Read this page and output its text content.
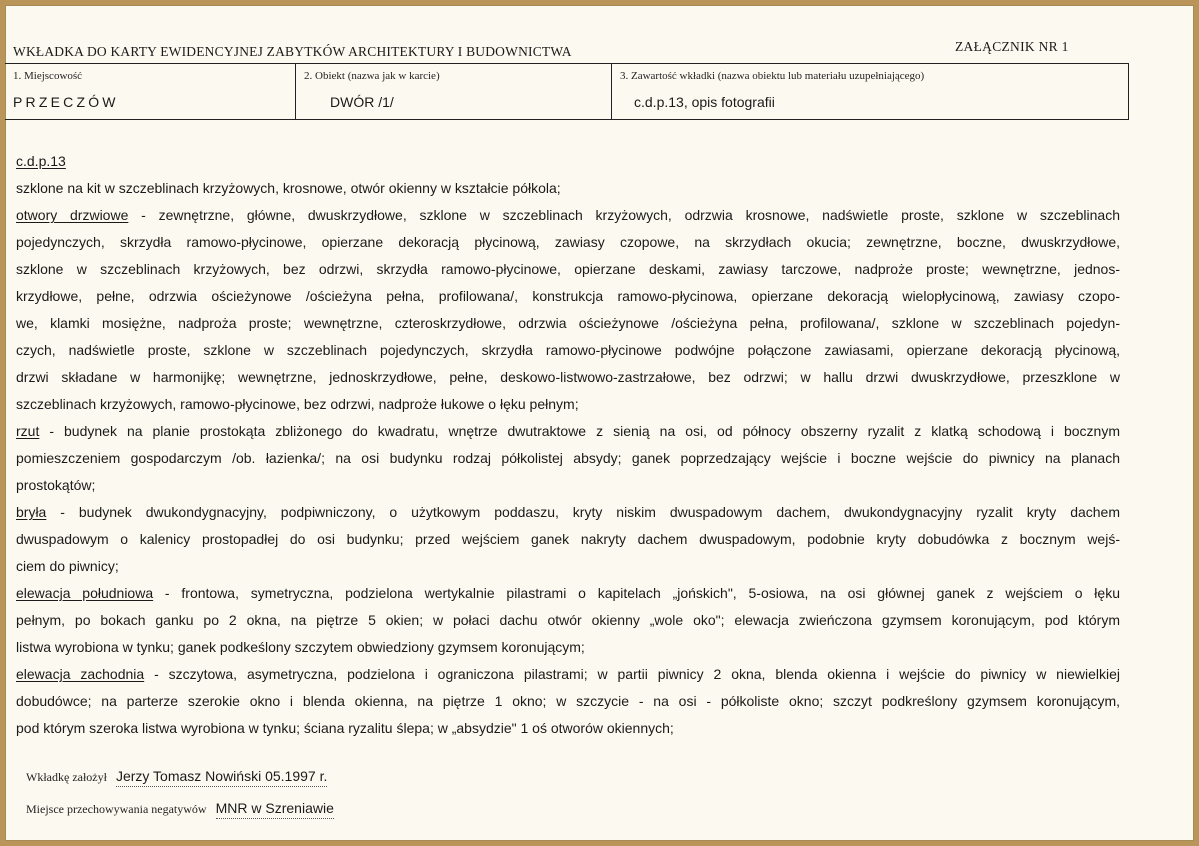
WKŁADKA DO KARTY EWIDENCYJNEJ ZABYTKÓW ARCHITEKTURY I BUDOWNICTWA	ZAŁĄCZNIK NR 1
1. Miejscowość
PRZECZÓW
2. Obiekt (nazwa jak w karcie)
DWÓR /1/
3. Zawartość wkładki (nazwa obiektu lub materiału uzupełniającego)
c.d.p.13, opis fotografii
c.d.p.13
szklone na kit w szczeblinach krzyżowych, krosnowe, otwór okienny w kształcie półkola;
otwory drzwiowe - zewnętrzne, główne, dwuskrzydłowe, szklone w szczeblinach krzyżowych, odrzwia krosnowe, nadświetle proste, szklone w szczeblinach
pojedynczych, skrzydła ramowo-płycinowe, opierzane dekoracją płycinową, zawiasy czopowe, na skrzydłach okucia; zewnętrzne, boczne, dwuskrzydłowe,
szklone w szczeblinach krzyżowych, bez odrzwi, skrzydła ramowo-płycinowe, opierzane deskami, zawiasy tarczowe, nadproże proste; wewnętrzne, jednos-
krzydłowe, pełne, odrzwia ościeżynowe /ościeżyna pełna, profilowana/, konstrukcja ramowo-płycinowa, opierzane dekoracją wielopłycinową, zawiasy czopo-
we, klamki mosiężne, nadproża proste; wewnętrzne, czteroskrzydłowe, odrzwia ościeżynowe /ościeżyna pełna, profilowana/, szklone w szczeblinach pojedyn-
czych, nadświetle proste, szklone w szczeblinach pojedynczych, skrzydła ramowo-płycinowe podwójne połączone zawiasami, opierzane dekoracją płycinową,
drzwi składane w harmonijkę; wewnętrzne, jednoskrzydłowe, pełne, deskowo-listwowo-zastrzałowe, bez odrzwi; w hallu drzwi dwuskrzydłowe, przeszklone w
szczeblinach krzyżowych, ramowo-płycinowe, bez odrzwi, nadproże łukowe o łęku pełnym;
rzut - budynek na planie prostokąta zbliżonego do kwadratu, wnętrze dwutraktowe z sienią na osi, od północy obszerny ryzalit z klatką schodową i bocznym
pomieszczeniem gospodarczym /ob. łazienka/; na osi budynku rodzaj półkolistej absydy; ganek poprzedzający wejście i boczne wejście do piwnicy na planach
prostokątów;
bryła - budynek dwukondygnacyjny, podpiwniczony, o użytkowym poddaszu, kryty niskim dwuspadowym dachem, dwukondygnacyjny ryzalit kryty dachem
dwuspadowym o kalenicy prostopadłej do osi budynku; przed wejściem ganek nakryty dachem dwuspadowym, podobnie kryty dobudówka z bocznym wejś-
ciem do piwnicy;
elewacja południowa - frontowa, symetryczna, podzielona wertykalnie pilastrami o kapitelach „jońskich", 5-osiowa, na osi głównej ganek z wejściem o łęku
pełnym, po bokach ganku po 2 okna, na piętrze 5 okien; w połaci dachu otwór okienny „wole oko"; elewacja zwieńczona gzymsem koronującym, pod którym
listwa wyrobiona w tynku; ganek podkeślony szczytem obwiedziony gzymsem koronującym;
elewacja zachodnia - szczytowa, asymetryczna, podzielona i ograniczona pilastrami; w partii piwnicy 2 okna, blenda okienna i wejście do piwnicy w niewielkiej
dobudówce; na parterze szerokie okno i blenda okienna, na piętrze 1 okno; w szczycie - na osi - półkoliste okno; szczyt podkreślony gzymsem koronującym,
pod którym szeroka listwa wyrobiona w tynku; ściana ryzalitu ślepa; w „absydzie" 1 oś otworów okiennych;
Wkładkę założył Jerzy Tomasz Nowiński 05.1997 r.
Miejsce przechowywania negatywów MNR w Szreniawie
